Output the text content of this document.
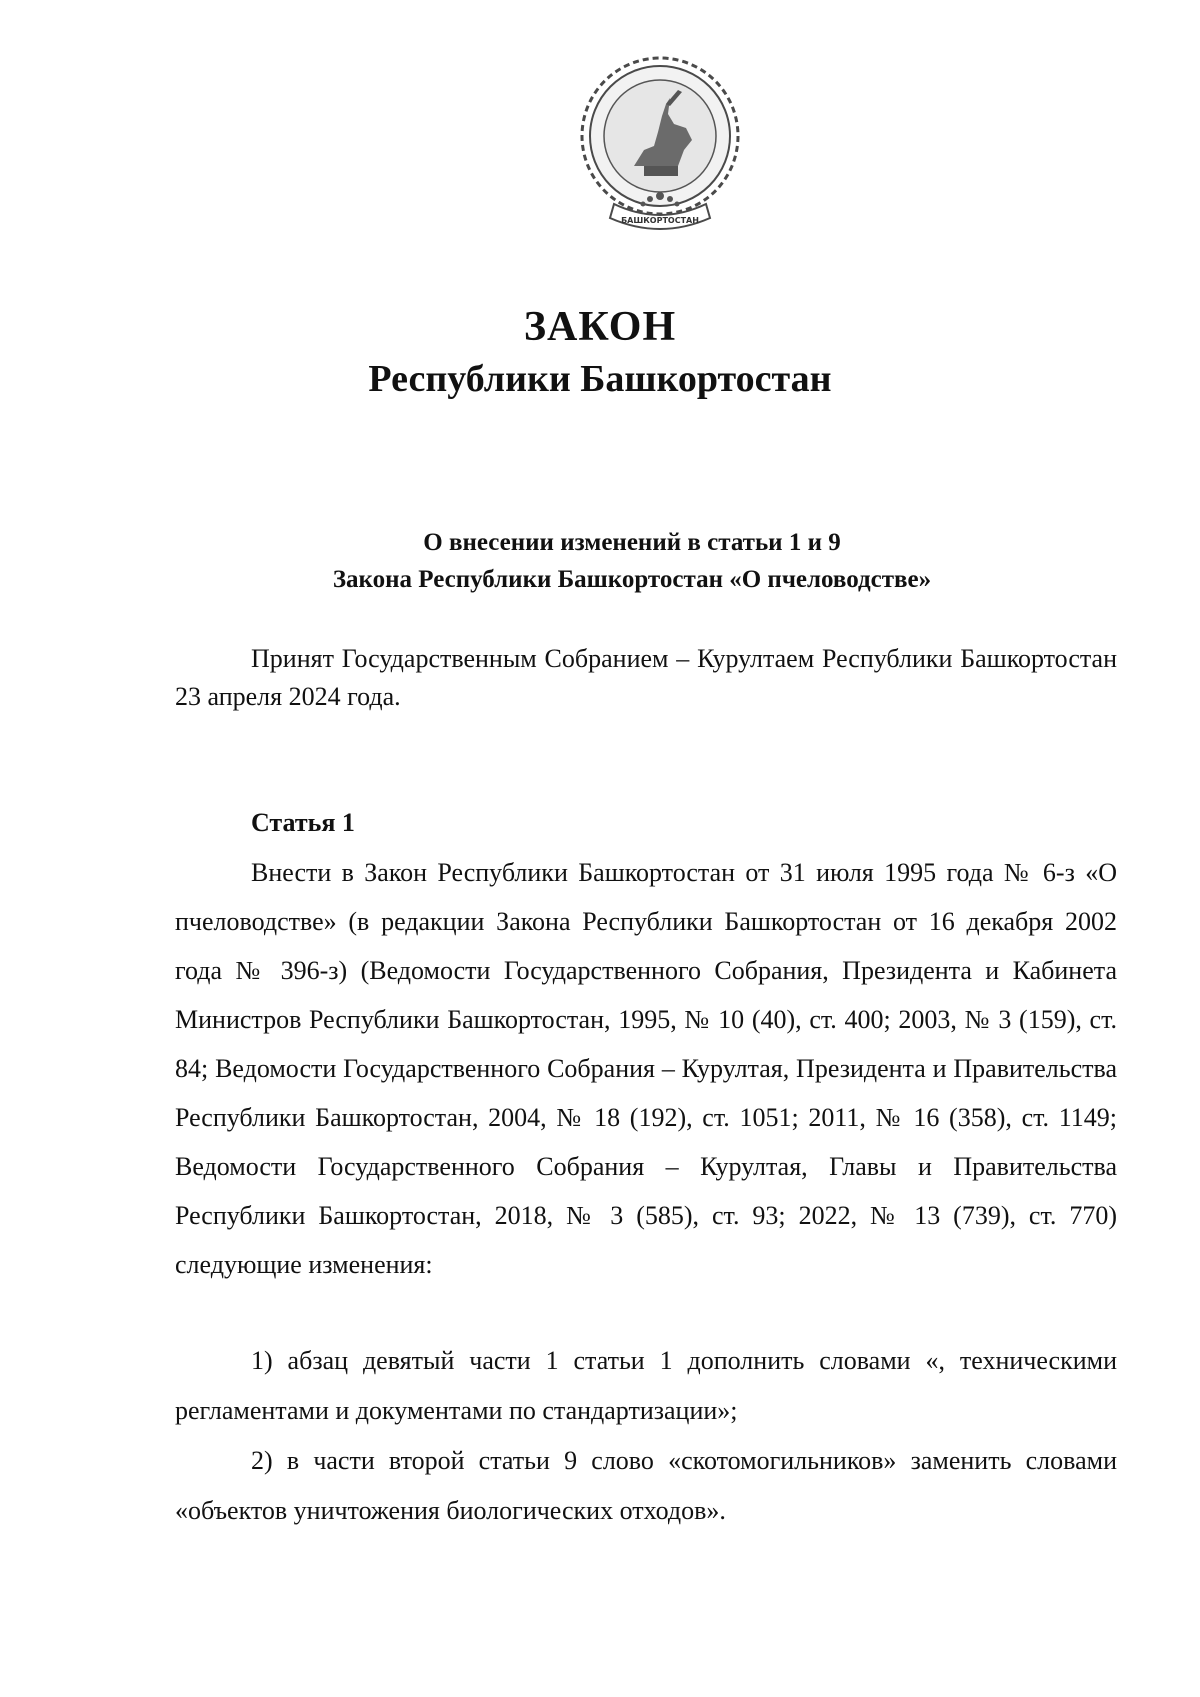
БАШКОРТОСТАН
ЗАКОН
Республики Башкортостан
О внесении изменений в статьи 1 и 9
Закона Республики Башкортостан «О пчеловодстве»
Принят Государственным Собранием – Курултаем Республики Башкортостан 23 апреля 2024 года.
Статья 1
Внести в Закон Республики Башкортостан от 31 июля 1995 года № 6-з «О пчеловодстве» (в редакции Закона Республики Башкортостан от 16 декабря 2002 года № 396-з) (Ведомости Государственного Собрания, Президента и Кабинета Министров Республики Башкортостан, 1995, № 10 (40), ст. 400; 2003, № 3 (159), ст. 84; Ведомости Государственного Собрания – Курултая, Президента и Правительства Республики Башкортостан, 2004, № 18 (192), ст. 1051; 2011, № 16 (358), ст. 1149; Ведомости Государственного Собрания – Курултая, Главы и Правительства Республики Башкортостан, 2018, № 3 (585), ст. 93; 2022, № 13 (739), ст. 770) следующие изменения:
1) абзац девятый части 1 статьи 1 дополнить словами «, техническими регламентами и документами по стандартизации»;
2) в части второй статьи 9 слово «скотомогильников» заменить словами «объектов уничтожения биологических отходов».
